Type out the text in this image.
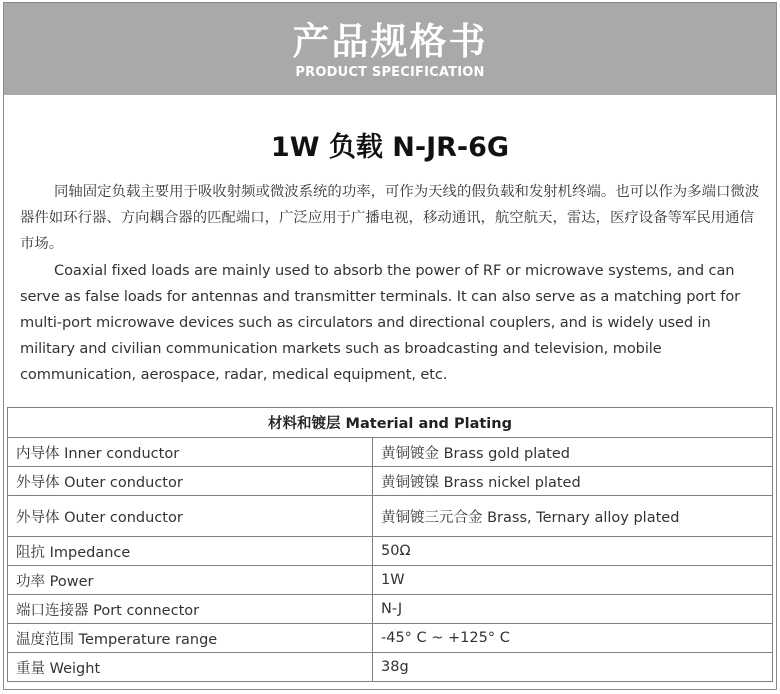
产品规格书
PRODUCT SPECIFICATION
1W 负载 N-JR-6G
同轴固定负载主要用于吸收射频或微波系统的功率，可作为天线的假负载和发射机终端。也可以作为多端口微波器件如环行器、方向耦合器的匹配端口，广泛应用于广播电视，移动通讯，航空航天，雷达，医疗设备等军民用通信市场。
Coaxial fixed loads are mainly used to absorb the power of RF or microwave systems, and can serve as false loads for antennas and transmitter terminals. It can also serve as a matching port for multi-port microwave devices such as circulators and directional couplers, and is widely used in military and civilian communication markets such as broadcasting and television, mobile communication, aerospace, radar, medical equipment, etc.
材料和镀层 Material and Plating	
内导体 Inner conductor	黄铜镀金 Brass gold plated
外导体 Outer conductor	黄铜镀镍 Brass nickel plated
外导体 Outer conductor	黄铜镀三元合金 Brass, Ternary alloy plated
阻抗 Impedance	50Ω
功率 Power	1W
端口连接器 Port connector	N-J
温度范围 Temperature range	-45° C ~ +125° C
重量 Weight	38g
